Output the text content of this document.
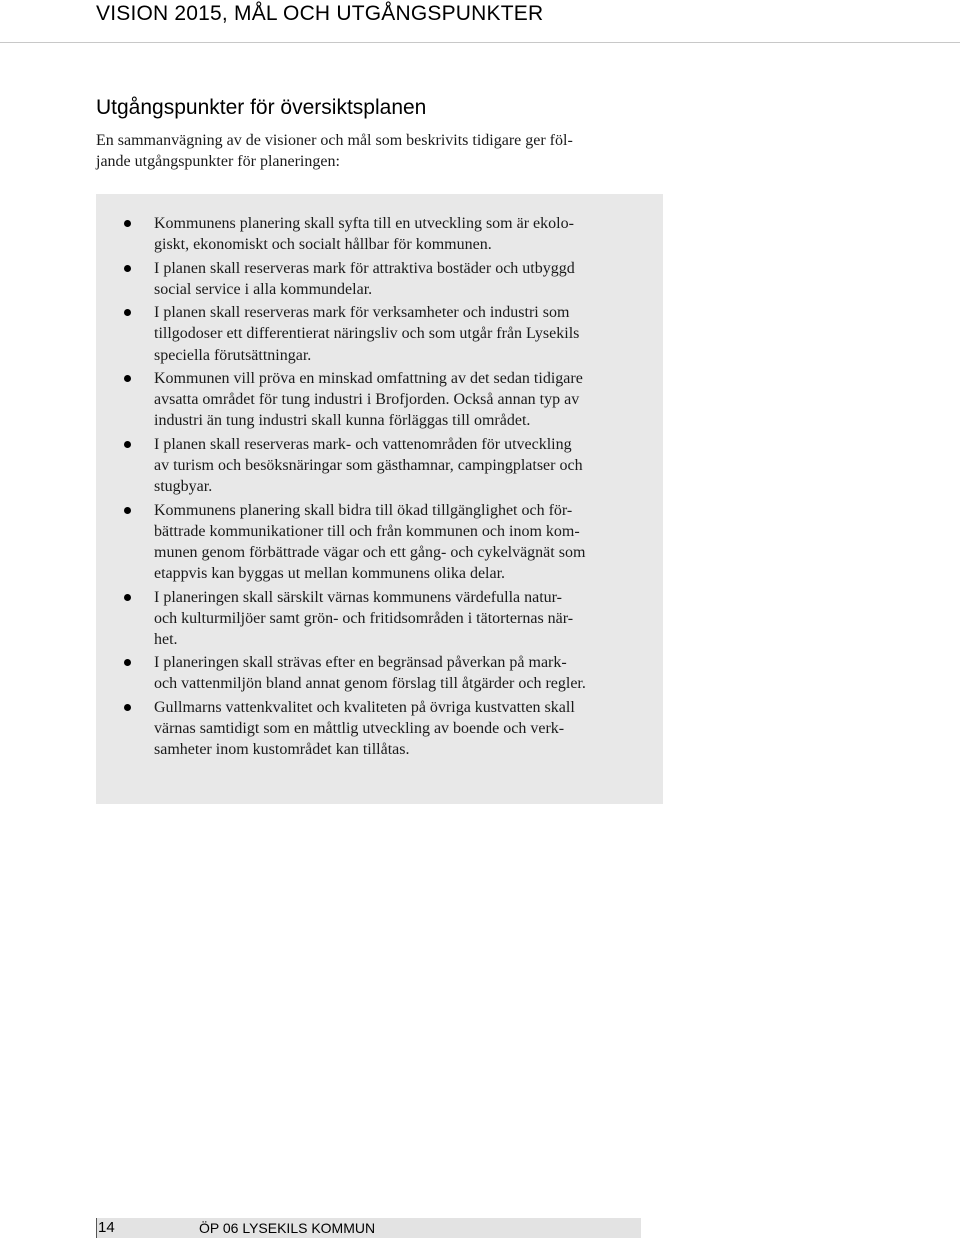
VISION 2015, MÅL OCH UTGÅNGSPUNKTER
Utgångspunkter för översiktsplanen

En sammanvägning av de visioner och mål som beskrivits tidigare ger föl-
jande utgångspunkter för planeringen:

Kommunens planering skall syfta till en utveckling som är ekolo-
giskt, ekonomiskt och socialt hållbar för kommunen.
I planen skall reserveras mark för attraktiva bostäder och utbyggd
social service i alla kommundelar.
I planen skall reserveras mark för verksamheter och industri som
tillgodoser ett differentierat näringsliv och som utgår från Lysekils
speciella förutsättningar.
Kommunen vill pröva en minskad omfattning av det sedan tidigare
avsatta området för tung industri i Brofjorden. Också annan typ av
industri än tung industri skall kunna förläggas till området.
I planen skall reserveras mark- och vattenområden för utveckling
av turism och besöksnäringar som gästhamnar, campingplatser och
stugbyar.
Kommunens planering skall bidra till ökad tillgänglighet och för-
bättrade kommunikationer till och från kommunen och inom kom-
munen genom förbättrade vägar och ett gång- och cykelvägnät som
etappvis kan byggas ut mellan kommunens olika delar.
I planeringen skall särskilt värnas kommunens värdefulla natur-
och kulturmiljöer samt grön- och fritidsområden i tätorternas när-
het.
I planeringen skall strävas efter en begränsad påverkan på mark-
och vattenmiljön bland annat genom förslag till åtgärder och regler.
Gullmarns vattenkvalitet och kvaliteten på övriga kustvatten skall
värnas samtidigt som en måttlig utveckling av boende och verk-
samheter inom kustområdet kan tillåtas.
14	ÖP 06 LYSEKILS KOMMUN
